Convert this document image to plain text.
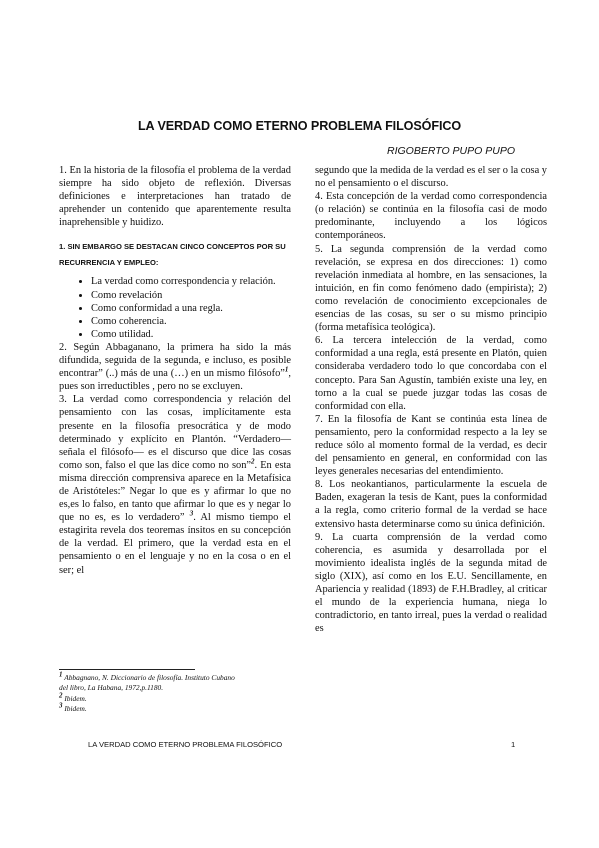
LA VERDAD COMO ETERNO PROBLEMA FILOSÓFICO
RIGOBERTO PUPO PUPO

1. En la historia de la filosofía el problema de la verdad siempre ha sido objeto de reflexión. Diversas definiciones e interpretaciones han tratado de aprehender un contenido que aparentemente resulta inaprehensible y huidizo.

1. SIN EMBARGO SE DESTACAN CINCO CONCEPTOS POR SU RECURRENCIA Y EMPLEO:
• La verdad como correspondencia y relación.
• Como revelación
• Como conformidad a una regla.
• Como coherencia.
• Como utilidad.

2. Según Abbaganano, la primera ha sido la más difundida, seguida de la segunda, e incluso, es posible encontrar” (..) más de una (…) en un mismo filósofo”$^1$, pues son irreductibles , pero no se excluyen.

3. La verdad como correspondencia y relación del pensamiento con las cosas, implícitamente esta presente en la filosofía presocrática y de modo determinado y explícito en Plantón. “Verdadero—señala el filósofo— es el discurso que dice las cosas como son, falso el que las dice como no son”$^2$. En esta misma dirección comprensiva aparece en la Metafísica de Aristóteles:” Negar lo que es y afirmar lo que no es,es lo falso, en tanto que afirmar lo que es y negar lo que no es, es lo verdadero” $^3$. Al mismo tiempo el estagirita revela dos teoremas ínsitos en su concepción de la verdad. El primero, que la verdad esta en el pensamiento o en el lenguaje y no en la cosa o en el ser; el

segundo que la medida de la verdad es el ser o la cosa y no el pensamiento o el discurso.

4. Esta concepción de la verdad como correspondencia (o relación) se continúa en la filosofía casi de modo predominante, incluyendo a los lógicos contemporáneos.

5. La segunda comprensión de la verdad como revelación, se expresa en dos direcciones: 1) como revelación inmediata al hombre, en las sensaciones, la intuición, en fin como fenómeno dado (empirista); 2) como revelación de conocimiento excepcionales de esencias de las cosas, su ser o su mismo principio (forma metafísica teológica).

6. La tercera intelección de la verdad, como conformidad a una regla, está presente en Platón, quien consideraba verdadero todo lo que concordaba con el concepto. Para San Agustín, también existe una ley, en torno a la cual se puede juzgar todas las cosas de conformidad con ella.

7. En la filosofía de Kant se continúa esta línea de pensamiento, pero la conformidad respecto a la ley se reduce sólo al momento formal de la verdad, es decir del pensamiento en general, en conformidad con las leyes generales necesarias del entendimiento.

8. Los neokantianos, particularmente la escuela de Baden, exageran la tesis de Kant, pues la conformidad a la regla, como criterio formal de la verdad se hace extensivo hasta determinarse como su única definición.

9. La cuarta comprensión de la verdad como coherencia, es asumida y desarrollada por el movimiento idealista inglés de la segunda mitad de siglo (XIX), así como en los E.U. Sencillamente, en Apariencia y realidad (1893) de F.H.Bradley, al criticar el mundo de la experiencia humana, niega lo contradictorio, en tanto irreal, pues la verdad o realidad es

$^1$ Abbagnano, N. Diccionario de filosofía. Instituto Cubano del libro, La Habana, 1972,p.1180.
$^2$ Ibidem.
$^3$ Ibidem.
LA VERDAD COMO ETERNO PROBLEMA FILOSÓFICO	1
